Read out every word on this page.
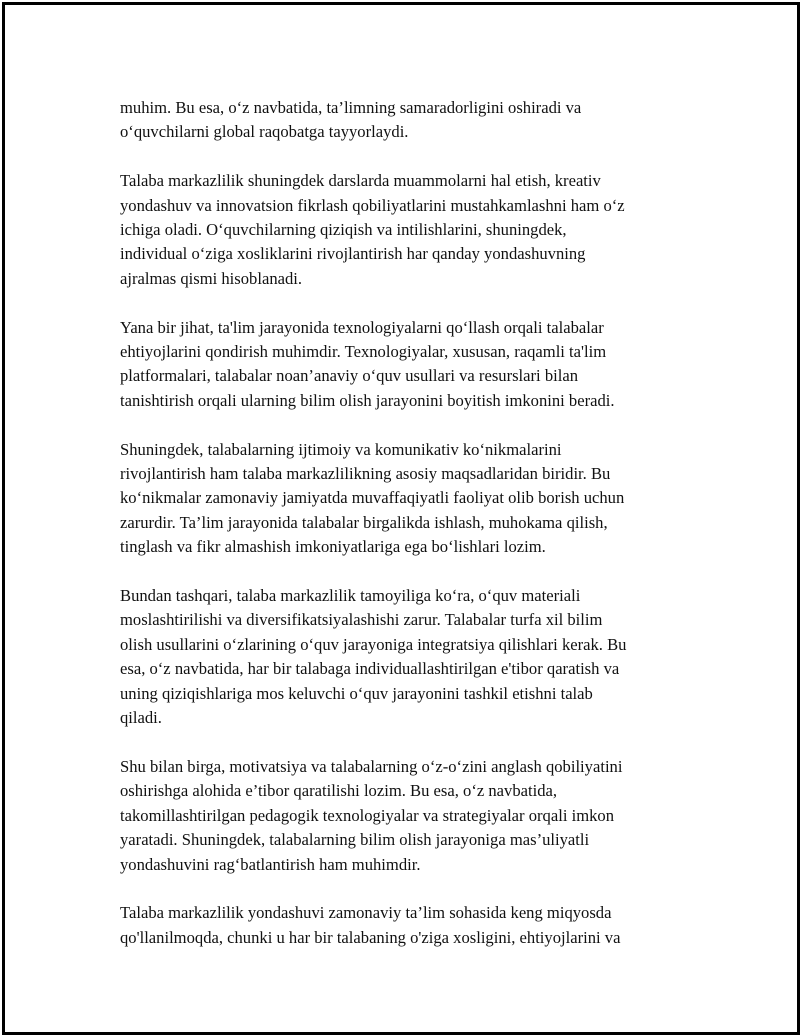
muhim. Bu esa, o‘z navbatida, ta’limning samaradorligini oshiradi va
o‘quvchilarni global raqobatga tayyorlaydi.

Talaba markazlilik shuningdek darslarda muammolarni hal etish, kreativ
yondashuv va innovatsion fikrlash qobiliyatlarini mustahkamlashni ham o‘z
ichiga oladi. O‘quvchilarning qiziqish va intilishlarini, shuningdek,
individual o‘ziga xosliklarini rivojlantirish har qanday yondashuvning
ajralmas qismi hisoblanadi.

Yana bir jihat, ta'lim jarayonida texnologiyalarni qo‘llash orqali talabalar
ehtiyojlarini qondirish muhimdir. Texnologiyalar, xususan, raqamli ta'lim
platformalari, talabalar noan’anaviy o‘quv usullari va resurslari bilan
tanishtirish orqali ularning bilim olish jarayonini boyitish imkonini beradi.

Shuningdek, talabalarning ijtimoiy va komunikativ ko‘nikmalarini
rivojlantirish ham talaba markazlilikning asosiy maqsadlaridan biridir. Bu
ko‘nikmalar zamonaviy jamiyatda muvaffaqiyatli faoliyat olib borish uchun
zarurdir. Ta’lim jarayonida talabalar birgalikda ishlash, muhokama qilish,
tinglash va fikr almashish imkoniyatlariga ega bo‘lishlari lozim.

Bundan tashqari, talaba markazlilik tamoyiliga ko‘ra, o‘quv materiali
moslashtirilishi va diversifikatsiyalashishi zarur. Talabalar turfa xil bilim
olish usullarini o‘zlarining o‘quv jarayoniga integratsiya qilishlari kerak. Bu
esa, o‘z navbatida, har bir talabaga individuallashtirilgan e'tibor qaratish va
uning qiziqishlariga mos keluvchi o‘quv jarayonini tashkil etishni talab
qiladi.

Shu bilan birga, motivatsiya va talabalarning o‘z-o‘zini anglash qobiliyatini
oshirishga alohida e’tibor qaratilishi lozim. Bu esa, o‘z navbatida,
takomillashtirilgan pedagogik texnologiyalar va strategiyalar orqali imkon
yaratadi. Shuningdek, talabalarning bilim olish jarayoniga mas’uliyatli
yondashuvini rag‘batlantirish ham muhimdir.

Talaba markazlilik yondashuvi zamonaviy ta’lim sohasida keng miqyosda
qo'llanilmoqda, chunki u har bir talabaning o'ziga xosligini, ehtiyojlarini va
